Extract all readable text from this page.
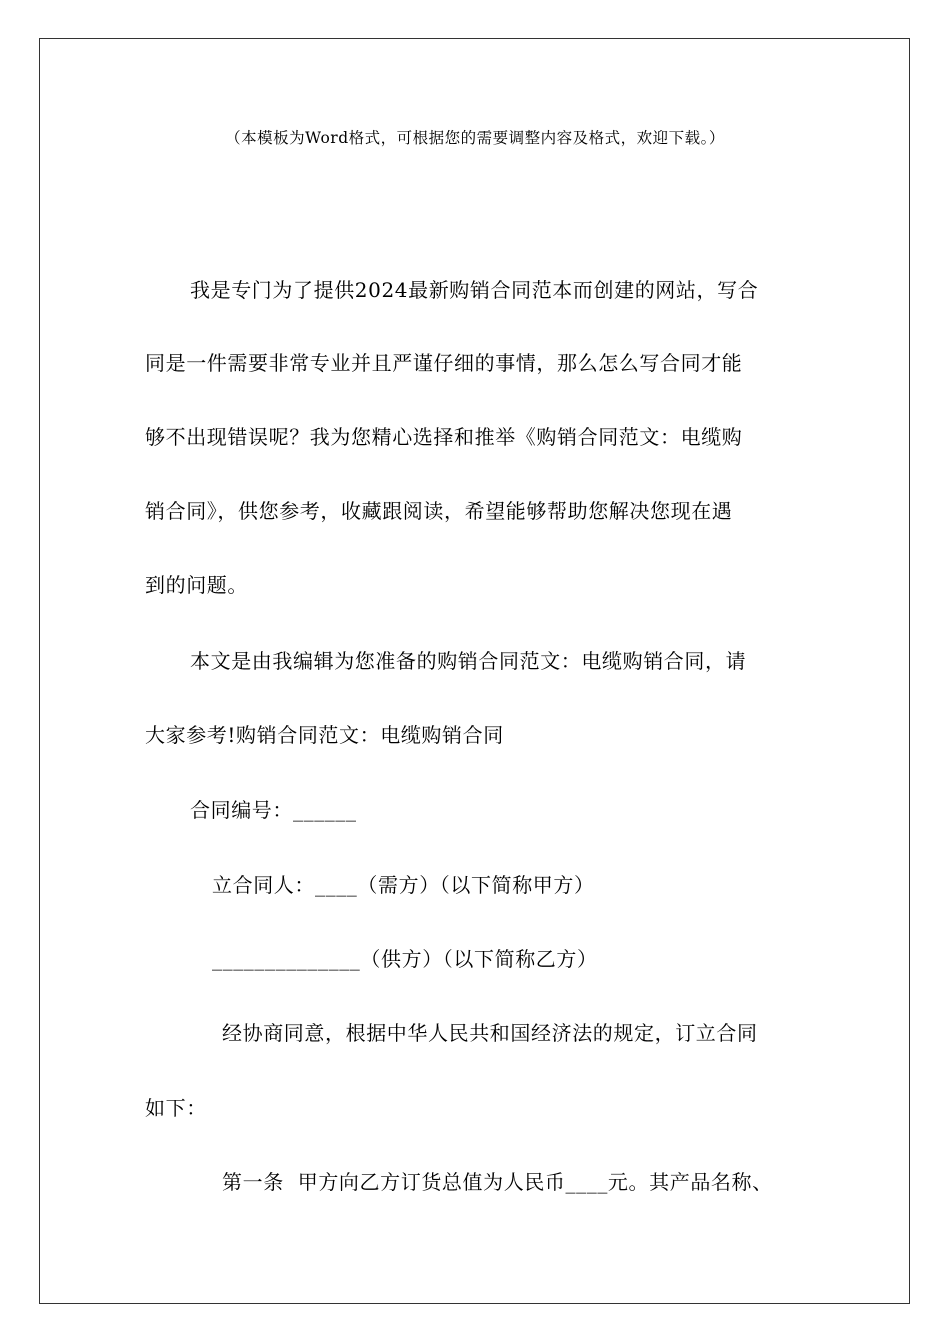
（本模板为Word格式，可根据您的需要调整内容及格式，欢迎下载。）
我是专门为了提供2024最新购销合同范本而创建的网站，写合
同是一件需要非常专业并且严谨仔细的事情，那么怎么写合同才能
够不出现错误呢？我为您精心选择和推举《购销合同范文：电缆购
销合同》，供您参考，收藏跟阅读，希望能够帮助您解决您现在遇
到的问题。
本文是由我编辑为您准备的购销合同范文：电缆购销合同，请
大家参考!购销合同范文：电缆购销合同
合同编号：______
立合同人：____（需方）（以下简称甲方）
______________（供方）（以下简称乙方）
经协商同意，根据中华人民共和国经济法的规定，订立合同
如下：
第一条  甲方向乙方订货总值为人民币____元。其产品名称、
